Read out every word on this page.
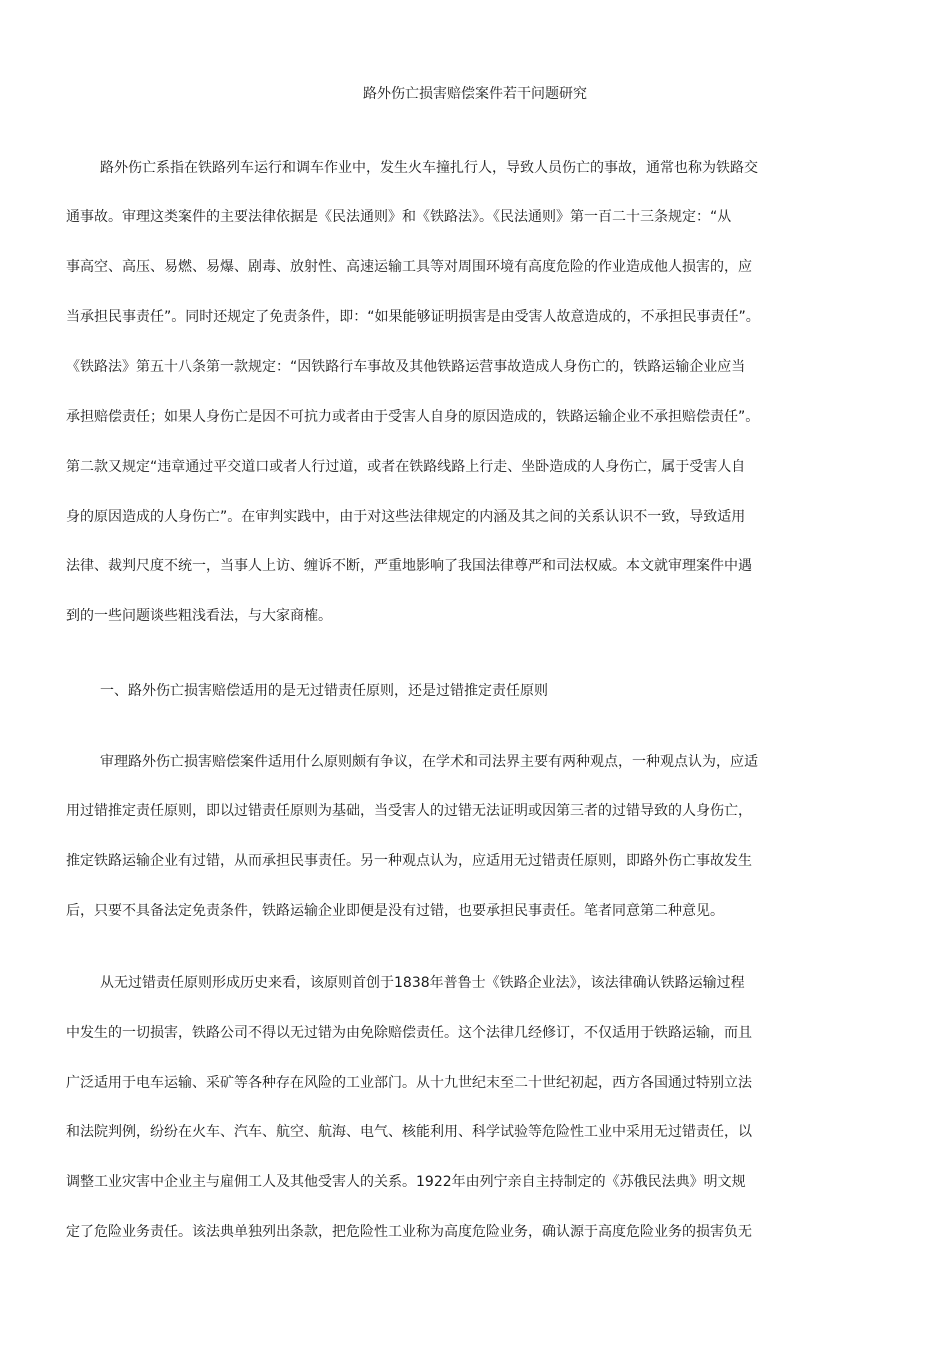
路外伤亡损害赔偿案件若干问题研究
路外伤亡系指在铁路列车运行和调车作业中，发生火车撞扎行人，导致人员伤亡的事故，通常也称为铁路交
通事故。审理这类案件的主要法律依据是《民法通则》和《铁路法》。《民法通则》第一百二十三条规定：“从
事高空、高压、易燃、易爆、剧毒、放射性、高速运输工具等对周围环境有高度危险的作业造成他人损害的，应
当承担民事责任”。同时还规定了免责条件，即：“如果能够证明损害是由受害人故意造成的，不承担民事责任”。
《铁路法》第五十八条第一款规定：“因铁路行车事故及其他铁路运营事故造成人身伤亡的，铁路运输企业应当
承担赔偿责任；如果人身伤亡是因不可抗力或者由于受害人自身的原因造成的，铁路运输企业不承担赔偿责任”。
第二款又规定“违章通过平交道口或者人行过道，或者在铁路线路上行走、坐卧造成的人身伤亡，属于受害人自
身的原因造成的人身伤亡”。在审判实践中，由于对这些法律规定的内涵及其之间的关系认识不一致，导致适用
法律、裁判尺度不统一，当事人上访、缠诉不断，严重地影响了我国法律尊严和司法权威。本文就审理案件中遇
到的一些问题谈些粗浅看法，与大家商榷。
一、路外伤亡损害赔偿适用的是无过错责任原则，还是过错推定责任原则
审理路外伤亡损害赔偿案件适用什么原则颇有争议，在学术和司法界主要有两种观点，一种观点认为，应适
用过错推定责任原则，即以过错责任原则为基础，当受害人的过错无法证明或因第三者的过错导致的人身伤亡，
推定铁路运输企业有过错，从而承担民事责任。另一种观点认为，应适用无过错责任原则，即路外伤亡事故发生
后，只要不具备法定免责条件，铁路运输企业即便是没有过错，也要承担民事责任。笔者同意第二种意见。
从无过错责任原则形成历史来看，该原则首创于1838年普鲁士《铁路企业法》，该法律确认铁路运输过程
中发生的一切损害，铁路公司不得以无过错为由免除赔偿责任。这个法律几经修订，不仅适用于铁路运输，而且
广泛适用于电车运输、采矿等各种存在风险的工业部门。从十九世纪末至二十世纪初起，西方各国通过特别立法
和法院判例，纷纷在火车、汽车、航空、航海、电气、核能利用、科学试验等危险性工业中采用无过错责任，以
调整工业灾害中企业主与雇佣工人及其他受害人的关系。1922年由列宁亲自主持制定的《苏俄民法典》明文规
定了危险业务责任。该法典单独列出条款，把危险性工业称为高度危险业务，确认源于高度危险业务的损害负无
